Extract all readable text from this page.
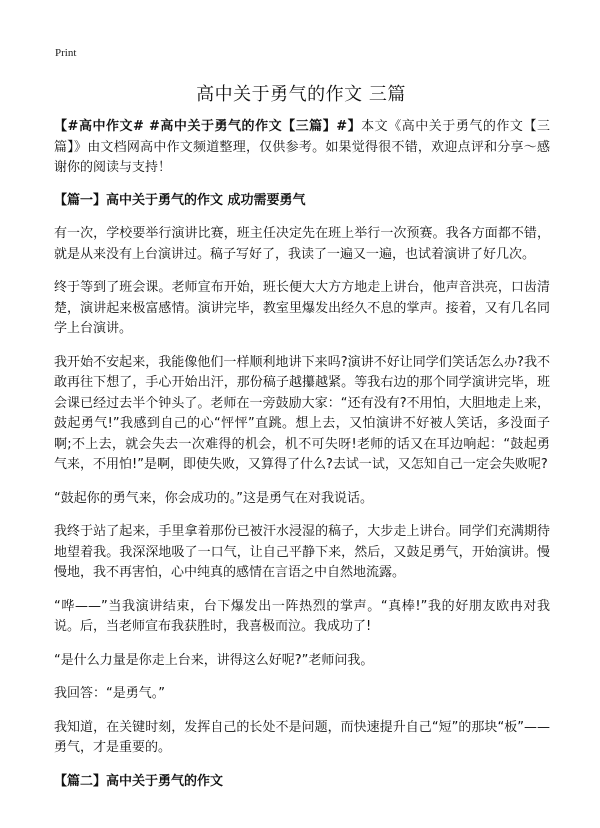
Print
高中关于勇气的作文 三篇

【#高中作文# #高中关于勇气的作文【三篇】#】本文《高中关于勇气的作文【三篇】》由文档网高中作文频道整理，仅供参考。如果觉得很不错，欢迎点评和分享～感谢你的阅读与支持！

【篇一】高中关于勇气的作文 成功需要勇气

有一次，学校要举行演讲比赛，班主任决定先在班上举行一次预赛。我各方面都不错，就是从来没有上台演讲过。稿子写好了，我读了一遍又一遍，也试着演讲了好几次。

终于等到了班会课。老师宣布开始，班长便大大方方地走上讲台，他声音洪亮，口齿清楚，演讲起来极富感情。演讲完毕，教室里爆发出经久不息的掌声。接着，又有几名同学上台演讲。

我开始不安起来，我能像他们一样顺利地讲下来吗?演讲不好让同学们笑话怎么办?我不敢再往下想了，手心开始出汗，那份稿子越攥越紧。等我右边的那个同学演讲完毕，班会课已经过去半个钟头了。老师在一旁鼓励大家：“还有没有?不用怕，大胆地走上来，鼓起勇气!”我感到自己的心“怦怦”直跳。想上去，又怕演讲不好被人笑话，多没面子啊;不上去，就会失去一次难得的机会，机不可失呀!老师的话又在耳边响起：“鼓起勇气来，不用怕!”是啊，即使失败，又算得了什么?去试一试，又怎知自己一定会失败呢?

“鼓起你的勇气来，你会成功的。”这是勇气在对我说话。

我终于站了起来，手里拿着那份已被汗水浸湿的稿子，大步走上讲台。同学们充满期待地望着我。我深深地吸了一口气，让自己平静下来，然后，又鼓足勇气，开始演讲。慢慢地，我不再害怕，心中纯真的感情在言语之中自然地流露。

“哗——”当我演讲结束，台下爆发出一阵热烈的掌声。“真棒!”我的好朋友欧冉对我说。后，当老师宣布我获胜时，我喜极而泣。我成功了!

“是什么力量是你走上台来，讲得这么好呢?”老师问我。

我回答：“是勇气。”

我知道，在关键时刻，发挥自己的长处不是问题，而快速提升自己“短”的那块“板”——勇气，才是重要的。

【篇二】高中关于勇气的作文
